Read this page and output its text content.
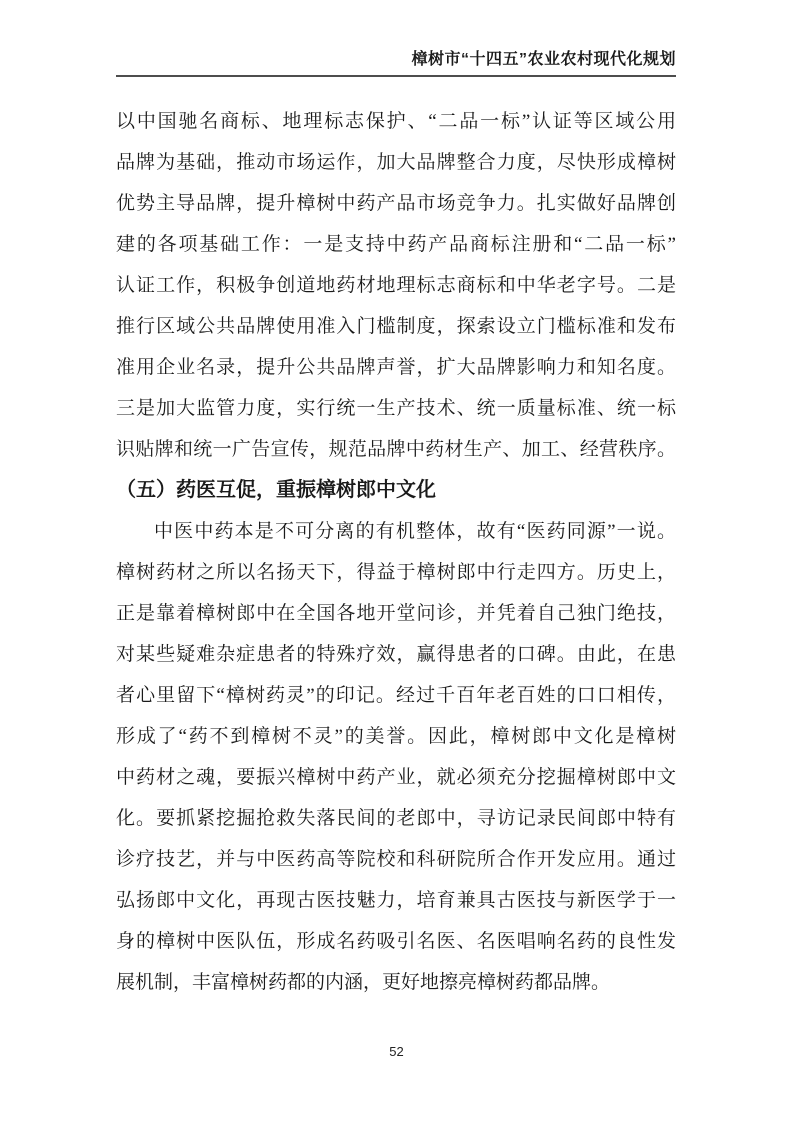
樟树市“十四五”农业农村现代化规划

以中国驰名商标、地理标志保护、“二品一标”认证等区域公用

品牌为基础，推动市场运作，加大品牌整合力度，尽快形成樟树

优势主导品牌，提升樟树中药产品市场竞争力。扎实做好品牌创

建的各项基础工作：一是支持中药产品商标注册和“二品一标”

认证工作，积极争创道地药材地理标志商标和中华老字号。二是

推行区域公共品牌使用准入门槛制度，探索设立门槛标准和发布

准用企业名录，提升公共品牌声誉，扩大品牌影响力和知名度。

三是加大监管力度，实行统一生产技术、统一质量标准、统一标

识贴牌和统一广告宣传，规范品牌中药材生产、加工、经营秩序。

（五）药医互促，重振樟树郎中文化

中医中药本是不可分离的有机整体，故有“医药同源”一说。

樟树药材之所以名扬天下，得益于樟树郎中行走四方。历史上，

正是靠着樟树郎中在全国各地开堂问诊，并凭着自己独门绝技，

对某些疑难杂症患者的特殊疗效，赢得患者的口碑。由此，在患

者心里留下“樟树药灵”的印记。经过千百年老百姓的口口相传，

形成了“药不到樟树不灵”的美誉。因此，樟树郎中文化是樟树

中药材之魂，要振兴樟树中药产业，就必须充分挖掘樟树郎中文

化。要抓紧挖掘抢救失落民间的老郎中，寻访记录民间郎中特有

诊疗技艺，并与中医药高等院校和科研院所合作开发应用。通过

弘扬郎中文化，再现古医技魅力，培育兼具古医技与新医学于一

身的樟树中医队伍，形成名药吸引名医、名医唱响名药的良性发

展机制，丰富樟树药都的内涵，更好地擦亮樟树药都品牌。

52
